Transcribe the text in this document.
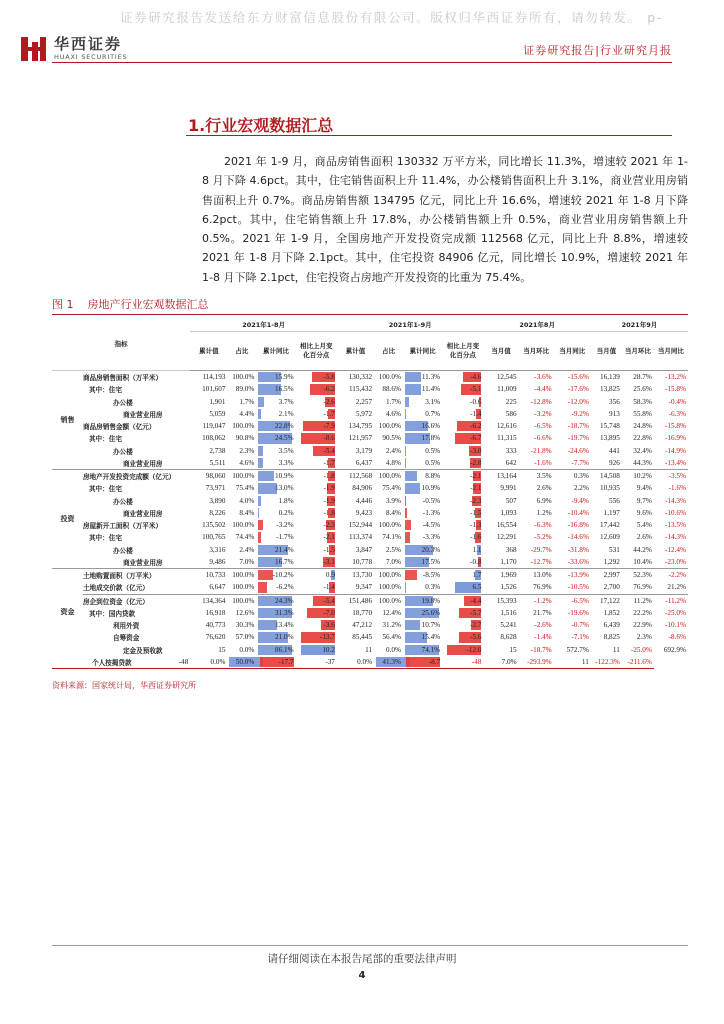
证券研究报告发送给东方财富信息股份有限公司。版权归华西证券所有，请勿转发。 p-
华西证券
HUAXI SECURITIES	证券研究报告|行业研究月报
1.行业宏观数据汇总

2021 年 1-9 月，商品房销售面积 130332 万平方米，同比增长 11.3%，增速较 2021 年 1-8 月下降 4.6pct。其中，住宅销售面积上升 11.4%，办公楼销售面积上升 3.1%，商业营业用房销售面积上升 0.7%。商品房销售额 134795 亿元，同比上升 16.6%，增速较 2021 年 1-8 月下降 6.2pct。其中，住宅销售额上升 17.8%，办公楼销售额上升 0.5%，商业营业用房销售额上升 0.5%。2021 年 1-9 月，全国房地产开发投资完成额 112568 亿元，同比上升 8.8%，增速较 2021 年 1-8 月下降 2.1pct。其中，住宅投资 84906 亿元，同比增长 10.9%，增速较 2021 年 1-8 月下降 2.1pct，住宅投资占房地产开发投资的比重为 75.4%。

图 1 房地产行业宏观数据汇总
指标		2021年1-8月				2021年1-9月				2021年8月			2021年9月		
		累计值	占比	累计同比	相比上月变化百分点	累计值	占比	累计同比	相比上月变化百分点	当月值	当月环比	当月同比	当月值	当月环比	当月同比
销售	商品房销售面积（万平米）	114,193	100.0%	15.9%	-5.8	130,332	100.0%	11.3%	-4.6	12,545	-3.6%	-15.6%	16,139	28.7%	-13.2%
	其中：住宅	101,607	89.0%	16.5%	-6.2	115,432	88.6%	11.4%	-5.1	11,009	-4.4%	-17.6%	13,825	25.6%	-15.8%
	办公楼	1,901	1.7%	3.7%	-2.6	2,257	1.7%	3.1%	-0.6	225	-12.8%	-12.0%	356	58.3%	-0.4%
	商业营业用房	5,059	4.4%	2.1%	-1.7	5,972	4.6%	0.7%	-1.4	586	-3.2%	-9.2%	913	55.8%	-6.3%
	商品房销售金额（亿元）	119,047	100.0%	22.8%	-7.9	134,795	100.0%	16.6%	-6.2	12,616	-6.5%	-18.7%	15,748	24.8%	-15.8%
	其中：住宅	108,062	90.8%	24.5%	-8.6	121,957	90.5%	17.8%	-6.7	11,315	-6.6%	-19.7%	13,895	22.8%	-16.9%
	办公楼	2,738	2.3%	3.5%	-5.4	3,179	2.4%	0.5%	-3.0	333	-21.8%	-24.6%	441	32.4%	-14.9%
	商业营业用房	5,511	4.6%	3.3%	-1.7	6,437	4.8%	0.5%	-2.8	642	-1.6%	-7.7%	926	44.3%	-13.4%
投资	房地产开发投资完成额（亿元）	98,060	100.0%	10.9%	-1.8	112,568	100.0%	8.8%	-2.1	13,164	3.5%	0.3%	14,508	10.2%	-3.5%
	其中：住宅	73,971	75.4%	13.0%	-1.9	84,906	75.4%	10.9%	-2.1	9,991	2.6%	2.2%	10,935	9.4%	-1.6%
	办公楼	3,890	4.0%	1.8%	-1.9	4,446	3.9%	-0.5%	-2.3	507	6.9%	-9.4%	556	9.7%	-14.3%
	商业营业用房	8,226	8.4%	0.2%	-1.8	9,423	8.4%	-1.3%	-1.5	1,093	1.2%	-10.4%	1,197	9.6%	-10.6%
	房屋新开工面积（万平米）	135,502	100.0%	-3.2%	-2.3	152,944	100.0%	-4.5%	-1.3	16,554	-6.3%	-16.8%	17,442	5.4%	-13.5%
	其中：住宅	100,765	74.4%	-1.7%	-2.1	113,374	74.1%	-3.3%	-1.6	12,291	-5.2%	-14.6%	12,609	2.6%	-14.3%
	办公楼	3,316	2.4%	21.4%	-1.5	3,847	2.5%	20.3%	1.1	368	-29.7%	-31.8%	531	44.2%	-12.4%
	商业营业用房	9,486	7.0%	16.7%	-3.1	10,778	7.0%	17.5%	-0.8	1,170	-12.7%	-33.6%	1,292	10.4%	-23.0%
资金	土地购置面积（万平米）	10,733	100.0%	-10.2%	0.9	13,730	100.0%	-8.5%	1.7	1,969	13.0%	-13.9%	2,997	52.3%	-2.2%
	土地成交价款（亿元）	6,647	100.0%	-6.2%	-1.4	9,347	100.0%	0.3%	6.5	1,526	76.9%	-10.5%	2,700	76.9%	21.2%
	房企到位资金（亿元）	134,364	100.0%	24.3%	-5.4	151,486	100.0%	19.8%	-4.4	15,393	-1.2%	-6.5%	17,122	11.2%	-11.2%
	其中：国内贷款	16,918	12.6%	31.3%	-7.0	18,770	12.4%	25.6%	-5.7	1,516	21.7%	-19.6%	1,852	22.2%	-25.0%
	利用外资	40,773	30.3%	13.4%	-3.6	47,212	31.2%	10.7%	-2.7	5,241	-2.6%	-0.7%	6,439	22.9%	-10.1%
	自筹资金	76,620	57.0%	21.0%	-13.7	85,445	56.4%	15.4%	-5.6	8,628	-1.4%	-7.1%	8,825	2.3%	-8.6%
	定金及预收款	15	0.0%	86.1%	10.2	11	0.0%	74.1%	-12.0	15	-18.7%	572.7%	11	-25.0%	692.9%
个人按揭贷款	-48	0.0%	50.0%	-17.7	-37	0.0%	41.3%	-8.7	-48	7.0%	-293.9%	11	-122.3%	-211.6%	
资料来源：国家统计局，华西证券研究所
请仔细阅读在本报告尾部的重要法律声明
4
